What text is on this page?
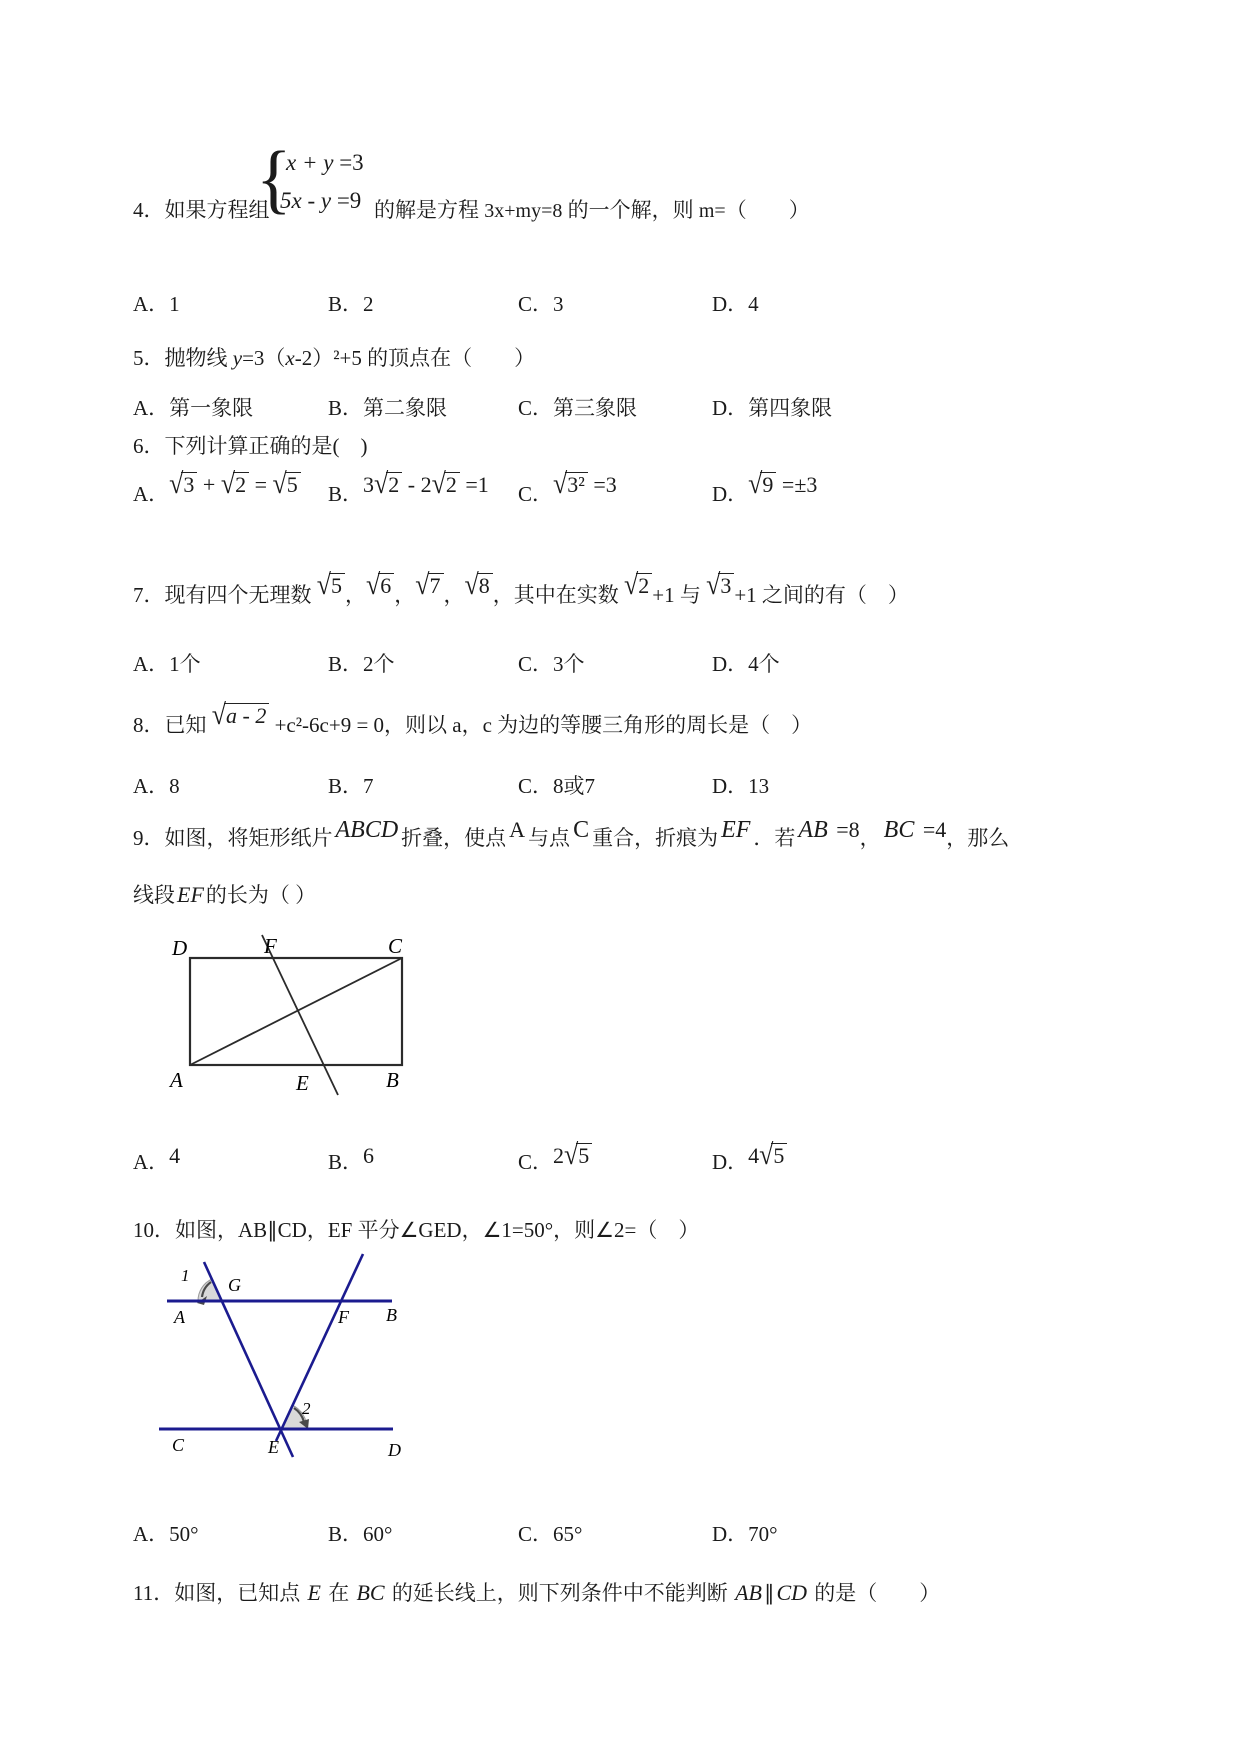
4．如果方程组
{
x + y =3
5x - y =9 的解是方程 3x+my=8 的一个解，则 m=（　　）
A．1	B．2	C．3	D．4
5．抛物线 y=3（x-2）²+5 的顶点在（　　）
A．第一象限	B．第二象限	C．第三象限	D．第四象限
6．下列计算正确的是(　)
A．√3 + √2 = √5 B．3√2 - 2√2 =1 C．√3² =3	D．√9 =±3
7．现有四个无理数 √5 ，√6 ，√7 ，√8 ，其中在实数 √2 +1 与 √3 +1 之间的有（　）
A．1个	B．2个	C．3个	D．4个
8．已知 √a - 2 +c²-6c+9 = 0，则以 a，c 为边的等腰三角形的周长是（　）
A．8	B．7	C．8或7	D．13
9．如图，将矩形纸片 ABCD 折叠，使点 A 与点 C 重合，折痕为 EF ．若 AB =8， BC =4，那么
线段EF的长为（ ）
D	F	C
A	E	B
A．4	B．6	C．2√5	D．4√5
10．如图，AB∥CD，EF 平分∠GED，∠1=50°，则∠2=（　）
1 G
A	F B
2
C	E	D
A．50°	B．60°	C．65°	D．70°
11．如图，已知点 E 在 BC 的延长线上，则下列条件中不能判断 AB∥CD 的是（　　）
